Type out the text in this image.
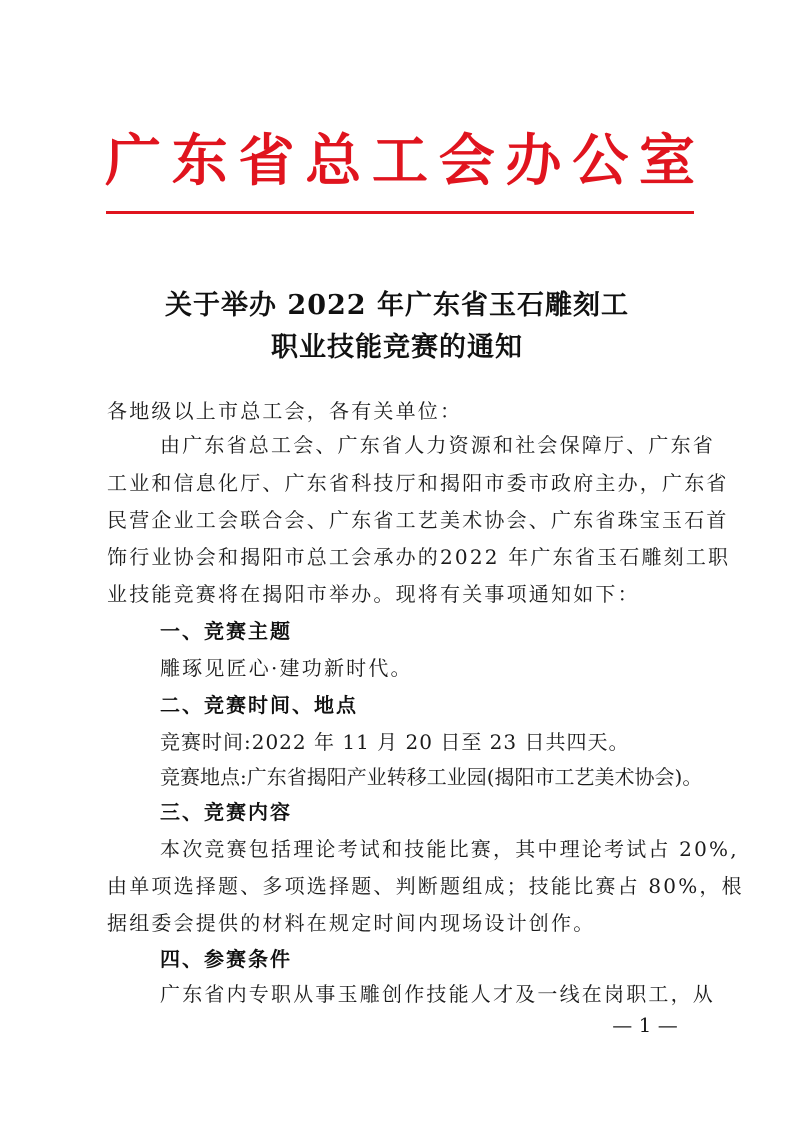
广 东 省 总 工 会 办 公 室
关于举办 2022 年广东省玉石雕刻工
职业技能竞赛的通知
各地级以上市总工会，各有关单位：
由广东省总工会、广东省人力资源和社会保障厅、广东省
工业和信息化厅、广东省科技厅和揭阳市委市政府主办，广东省
民营企业工会联合会、广东省工艺美术协会、广东省珠宝玉石首
饰行业协会和揭阳市总工会承办的2022 年广东省玉石雕刻工职
业技能竞赛将在揭阳市举办。现将有关事项通知如下：
一、竞赛主题
雕琢见匠心·建功新时代。
二、竞赛时间、地点
竞赛时间:2022 年 11 月 20 日至 23 日共四天。
竞赛地点:广东省揭阳产业转移工业园(揭阳市工艺美术协会)。
三、竞赛内容
本次竞赛包括理论考试和技能比赛，其中理论考试占 20%,
由单项选择题、多项选择题、判断题组成；技能比赛占 80%，根
据组委会提供的材料在规定时间内现场设计创作。
四、参赛条件
广东省内专职从事玉雕创作技能人才及一线在岗职工，从
— 1 —
